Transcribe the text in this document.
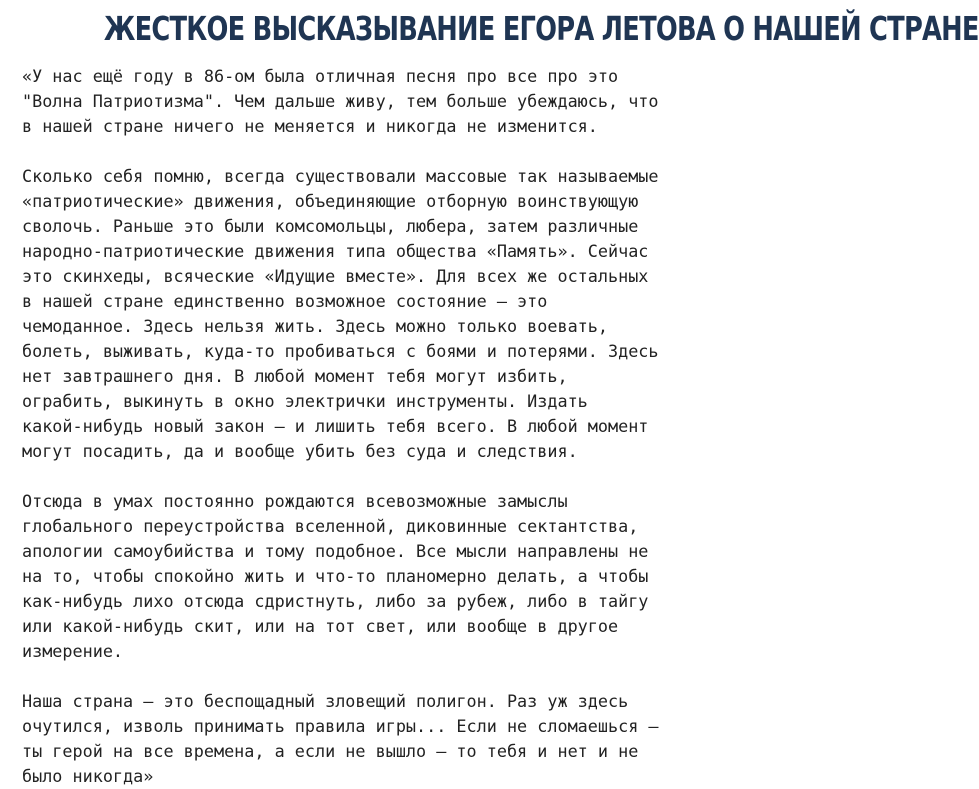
ЖЕСТКОЕ ВЫСКАЗЫВАНИЕ ЕГОРА ЛЕТОВА О НАШЕЙ СТРАНЕ

«У нас ещё году в 86-ом была отличная песня про все про это
"Волна Патриотизма". Чем дальше живу, тем больше убеждаюсь, что
в нашей стране ничего не меняется и никогда не изменится.

Сколько себя помню, всегда существовали массовые так называемые
«патриотические» движения, объединяющие отборную воинствующую
сволочь. Раньше это были комсомольцы, любера, затем различные
народно-патриотические движения типа общества «Память». Сейчас
это скинхеды, всяческие «Идущие вместе». Для всех же остальных
в нашей стране единственно возможное состояние — это
чемоданное. Здесь нельзя жить. Здесь можно только воевать,
болеть, выживать, куда-то пробиваться с боями и потерями. Здесь
нет завтрашнего дня. В любой момент тебя могут избить,
ограбить, выкинуть в окно электрички инструменты. Издать
какой-нибудь новый закон — и лишить тебя всего. В любой момент
могут посадить, да и вообще убить без суда и следствия.

Отсюда в умах постоянно рождаются всевозможные замыслы
глобального переустройства вселенной, диковинные сектантства,
апологии самоубийства и тому подобное. Все мысли направлены не
на то, чтобы спокойно жить и что-то планомерно делать, а чтобы
как-нибудь лихо отсюда сдристнуть, либо за рубеж, либо в тайгу
или какой-нибудь скит, или на тот свет, или вообще в другое
измерение.

Наша страна — это беспощадный зловещий полигон. Раз уж здесь
очутился, изволь принимать правила игры... Если не сломаешься —
ты герой на все времена, а если не вышло — то тебя и нет и не
было никогда»
